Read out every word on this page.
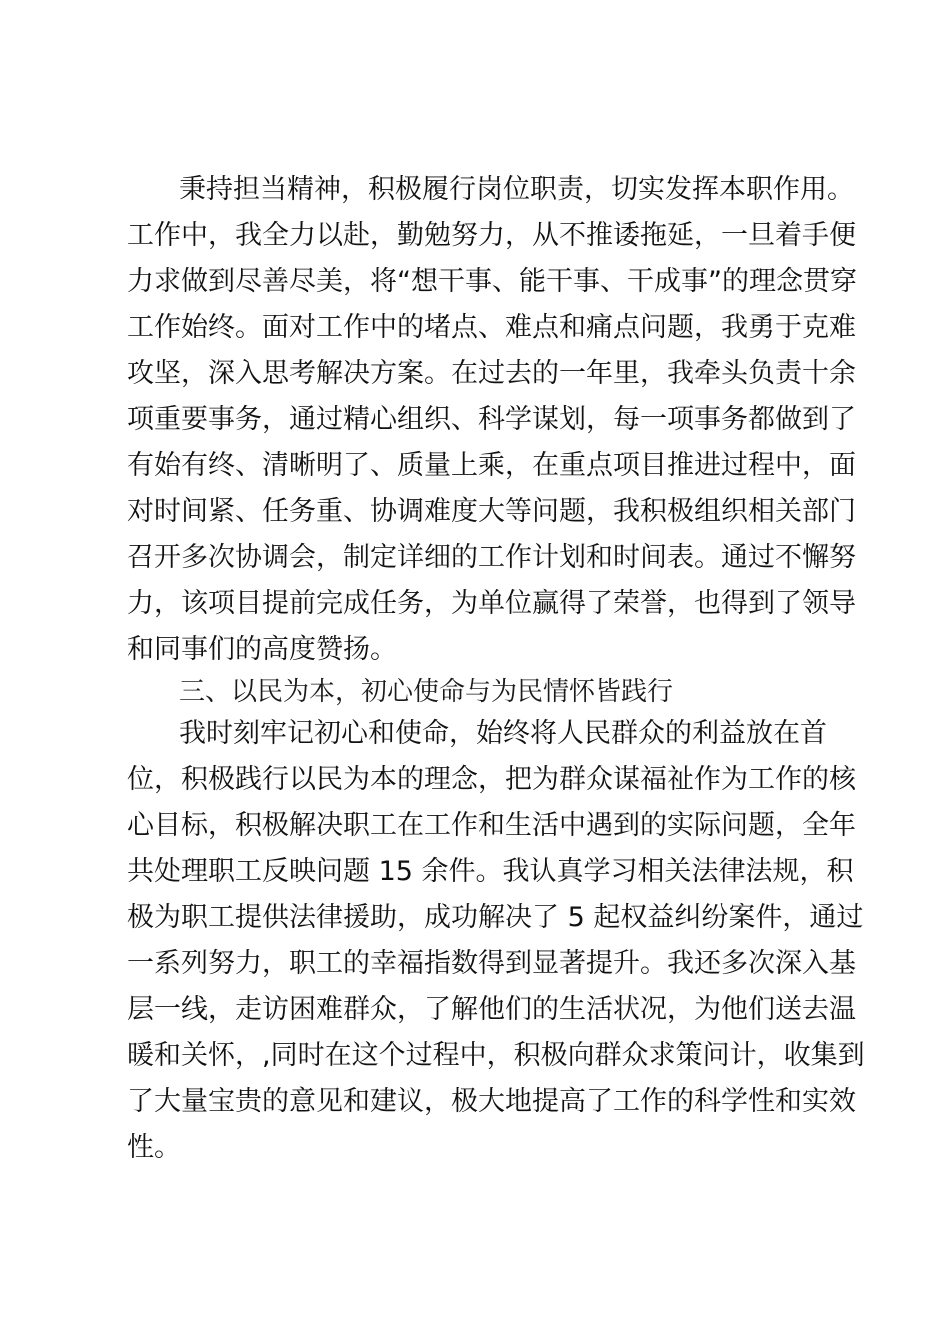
秉持担当精神，积极履行岗位职责，切实发挥本职作用。
工作中，我全力以赴，勤勉努力，从不推诿拖延，一旦着手便
力求做到尽善尽美，将“想干事、能干事、干成事”的理念贯穿
工作始终。面对工作中的堵点、难点和痛点问题，我勇于克难
攻坚，深入思考解决方案。在过去的一年里，我牵头负责十余
项重要事务，通过精心组织、科学谋划，每一项事务都做到了
有始有终、清晰明了、质量上乘，在重点项目推进过程中，面
对时间紧、任务重、协调难度大等问题，我积极组织相关部门
召开多次协调会，制定详细的工作计划和时间表。通过不懈努
力，该项目提前完成任务，为单位赢得了荣誉，也得到了领导
和同事们的高度赞扬。
三、以民为本，初心使命与为民情怀皆践行
我时刻牢记初心和使命，始终将人民群众的利益放在首
位，积极践行以民为本的理念，把为群众谋福祉作为工作的核
心目标，积极解决职工在工作和生活中遇到的实际问题，全年
共处理职工反映问题 15 余件。我认真学习相关法律法规，积
极为职工提供法律援助，成功解决了 5 起权益纠纷案件，通过
一系列努力，职工的幸福指数得到显著提升。我还多次深入基
层一线，走访困难群众，了解他们的生活状况，为他们送去温
暖和关怀，,同时在这个过程中，积极向群众求策问计，收集到
了大量宝贵的意见和建议，极大地提高了工作的科学性和实效
性。
